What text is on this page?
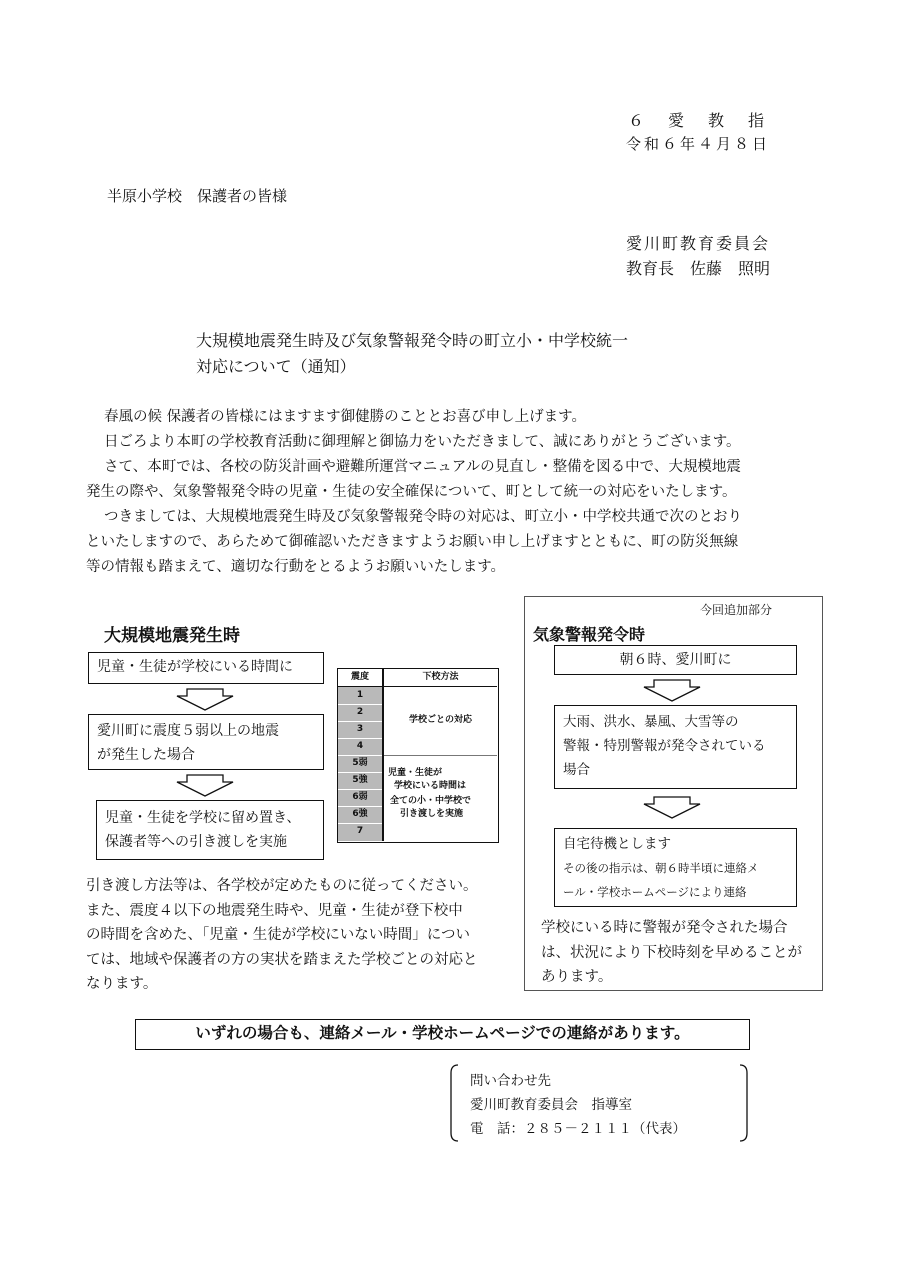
６　愛　教　指
令和６年４月８日
半原小学校　保護者の皆様
愛川町教育委員会
教育長　佐藤　照明
大規模地震発生時及び気象警報発令時の町立小・中学校統一
対応について（通知）
春風の候 保護者の皆様にはますます御健勝のこととお喜び申し上げます。
日ごろより本町の学校教育活動に御理解と御協力をいただきまして、誠にありがとうございます。
さて、本町では、各校の防災計画や避難所運営マニュアルの見直し・整備を図る中で、大規模地震
発生の際や、気象警報発令時の児童・生徒の安全確保について、町として統一の対応をいたします。
つきましては、大規模地震発生時及び気象警報発令時の対応は、町立小・中学校共通で次のとおり
といたしますので、あらためて御確認いただきますようお願い申し上げますとともに、町の防災無線
等の情報も踏まえて、適切な行動をとるようお願いいたします。
大規模地震発生時
児童・生徒が学校にいる時間に
愛川町に震度５弱以上の地震
が発生した場合
児童・生徒を学校に留め置き、
保護者等への引き渡しを実施
震度	下校方法
1
2
3
4
5弱
5強
6弱
6強
7
学校ごとの対応
児童・生徒が
学校にいる時間は
全ての小・中学校で
引き渡しを実施
引き渡し方法等は、各学校が定めたものに従ってください。
また、震度４以下の地震発生時や、児童・生徒が登下校中
の時間を含めた、「児童・生徒が学校にいない時間」につい
ては、地域や保護者の方の実状を踏まえた学校ごとの対応と
なります。
今回追加部分
気象警報発令時
朝６時、愛川町に
大雨、洪水、暴風、大雪等の
警報・特別警報が発令されている
場合
自宅待機とします
その後の指示は、朝６時半頃に連絡メ
ール・学校ホームページにより連絡
学校にいる時に警報が発令された場合
は、状況により下校時刻を早めることが
あります。
いずれの場合も、連絡メール・学校ホームページでの連絡があります。
問い合わせ先
愛川町教育委員会　指導室
電　話：２８５－２１１１（代表）
